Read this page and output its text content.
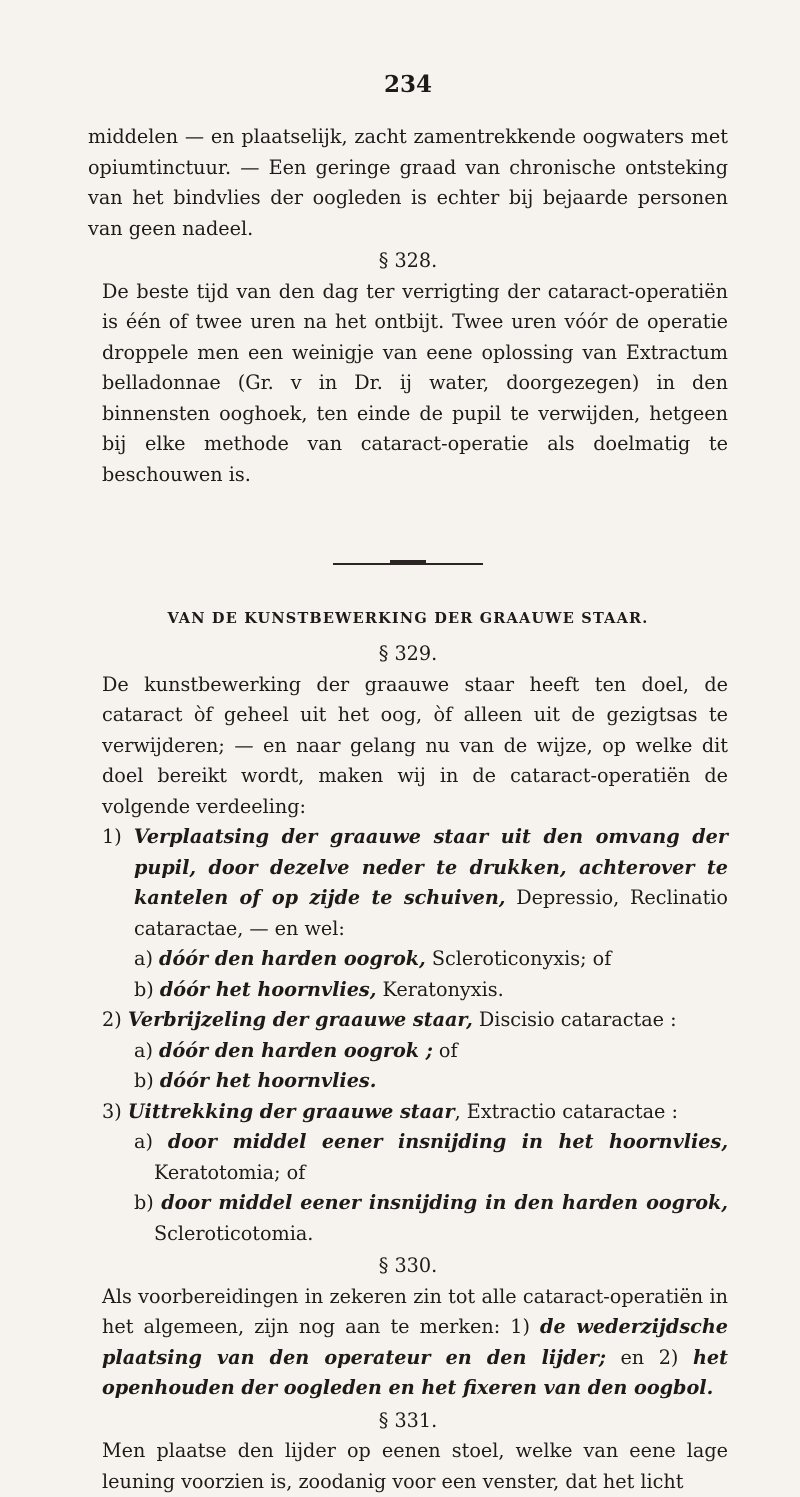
234

middelen — en plaatselijk, zacht zamentrekkende oogwaters met opiumtinctuur. — Een geringe graad van chronische ontsteking van het bindvlies der oogleden is echter bij bejaarde personen van geen nadeel.

§ 328.

De beste tijd van den dag ter verrigting der cataract-operatiën is één of twee uren na het ontbijt. Twee uren vóór de operatie droppele men een weinigje van eene oplossing van Extractum belladonnae (Gr. v in Dr. ij water, doorgezegen) in den binnensten ooghoek, ten einde de pupil te verwijden, hetgeen bij elke methode van cataract-operatie als doelmatig te beschouwen is.

VAN DE KUNSTBEWERKING DER GRAAUWE STAAR.
§ 329.

De kunstbewerking der graauwe staar heeft ten doel, de cataract òf geheel uit het oog, òf alleen uit de gezigtsas te verwijderen; — en naar gelang nu van de wijze, op welke dit doel bereikt wordt, maken wij in de cataract-operatiën de volgende verdeeling:

1) Verplaatsing der graauwe staar uit den omvang der pupil, door dezelve neder te drukken, achterover te kantelen of op zijde te schuiven, Depressio, Reclinatio cataractae, — en wel:

a) dóór den harden oogrok, Scleroticonyxis; of

b) dóór het hoornvlies, Keratonyxis.

2) Verbrijzeling der graauwe staar, Discisio cataractae :

a) dóór den harden oogrok ; of

b) dóór het hoornvlies.

3) Uittrekking der graauwe staar, Extractio cataractae :

a) door middel eener insnijding in het hoornvlies, Keratotomia; of

b) door middel eener insnijding in den harden oogrok, Scleroticotomia.

§ 330.

Als voorbereidingen in zekeren zin tot alle cataract-operatiën in het algemeen, zijn nog aan te merken: 1) de wederzijdsche plaatsing van den operateur en den lijder; en 2) het openhouden der oogleden en het fixeren van den oogbol.

§ 331.

Men plaatse den lijder op eenen stoel, welke van eene lage leuning voorzien is, zoodanig voor een venster, dat het licht
